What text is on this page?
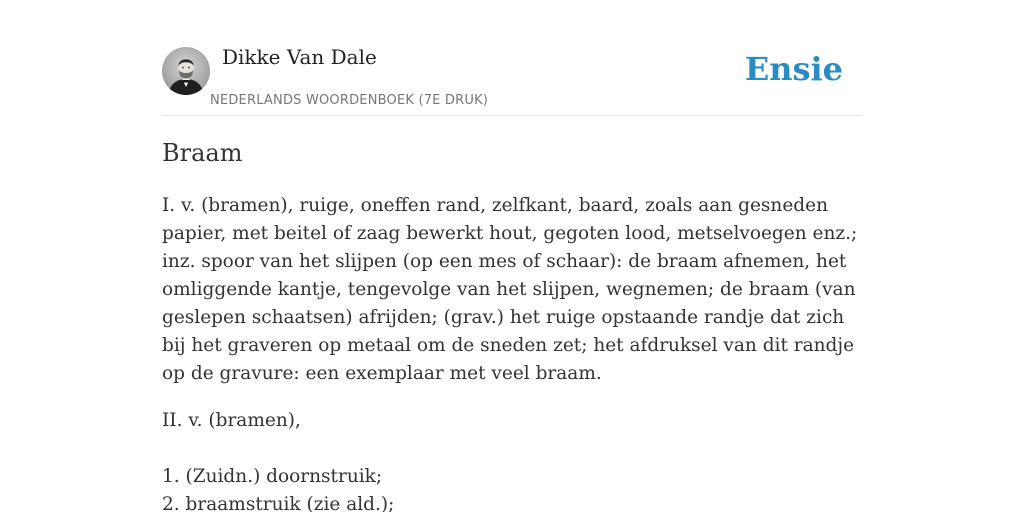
Dikke Van Dale
NEDERLANDS WOORDENBOEK (7E DRUK)
Ensie
Braam

I. v. (bramen), ruige, oneffen rand, zelfkant, baard, zoals aan gesneden papier, met beitel of zaag bewerkt hout, gegoten lood, metselvoegen enz.; inz. spoor van het slijpen (op een mes of schaar): de braam afnemen, het omliggende kantje, tengevolge van het slijpen, wegnemen; de braam (van geslepen schaatsen) afrijden; (grav.) het ruige opstaande randje dat zich bij het graveren op metaal om de sneden zet; het afdruksel van dit randje op de gravure: een exemplaar met veel braam.

II. v. (bramen),

1. (Zuidn.) doornstruik;
2. braamstruik (zie ald.);
